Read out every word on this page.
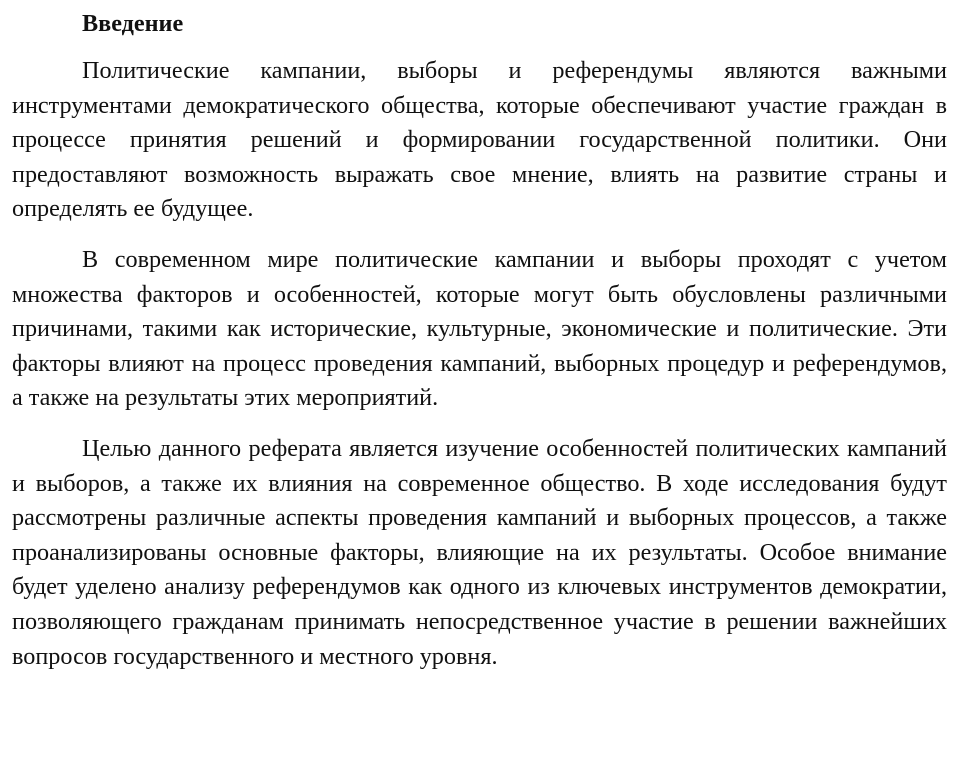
Введение

Политические кампании, выборы и референдумы являются важными инструментами демократического общества, которые обеспечивают участие граждан в процессе принятия решений и формировании государственной политики. Они предоставляют возможность выражать свое мнение, влиять на развитие страны и определять ее будущее.

В современном мире политические кампании и выборы проходят с учетом множества факторов и особенностей, которые могут быть обусловлены различными причинами, такими как исторические, культурные, экономические и политические. Эти факторы влияют на процесс проведения кампаний, выборных процедур и референдумов, а также на результаты этих мероприятий.

Целью данного реферата является изучение особенностей политических кампаний и выборов, а также их влияния на современное общество. В ходе исследования будут рассмотрены различные аспекты проведения кампаний и выборных процессов, а также проанализированы основные факторы, влияющие на их результаты. Особое внимание будет уделено анализу референдумов как одного из ключевых инструментов демократии, позволяющего гражданам принимать непосредственное участие в решении важнейших вопросов государственного и местного уровня.
